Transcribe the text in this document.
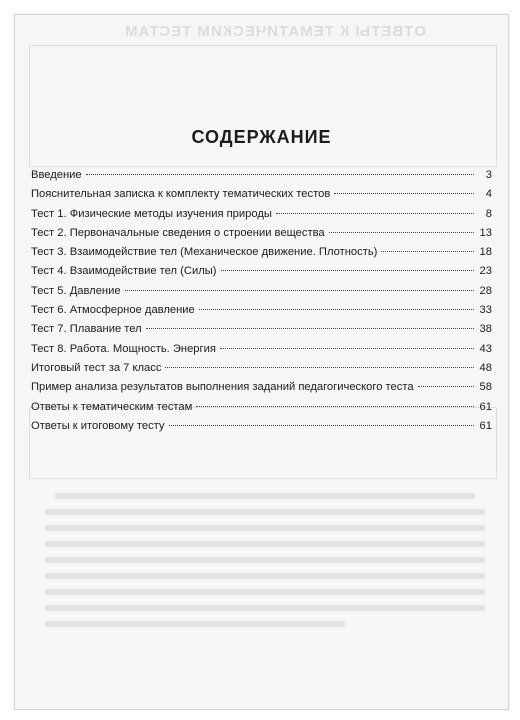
ОТВЕТЫ К ТЕМАТИЧЕСКИМ ТЕСТАМ
СОДЕРЖАНИЕ
Введение	3
Пояснительная записка к комплекту тематических тестов	4
Тест 1. Физические методы изучения природы	8
Тест 2. Первоначальные сведения о строении вещества	13
Тест 3. Взаимодействие тел (Механическое движение. Плотность)	18
Тест 4. Взаимодействие тел (Силы)	23
Тест 5. Давление	28
Тест 6. Атмосферное давление	33
Тест 7. Плавание тел	38
Тест 8. Работа. Мощность. Энергия	43
Итоговый тест за 7 класс	48
Пример анализа результатов выполнения заданий педагогического теста	58
Ответы к тематическим тестам	61
Ответы к итоговому тесту	61
